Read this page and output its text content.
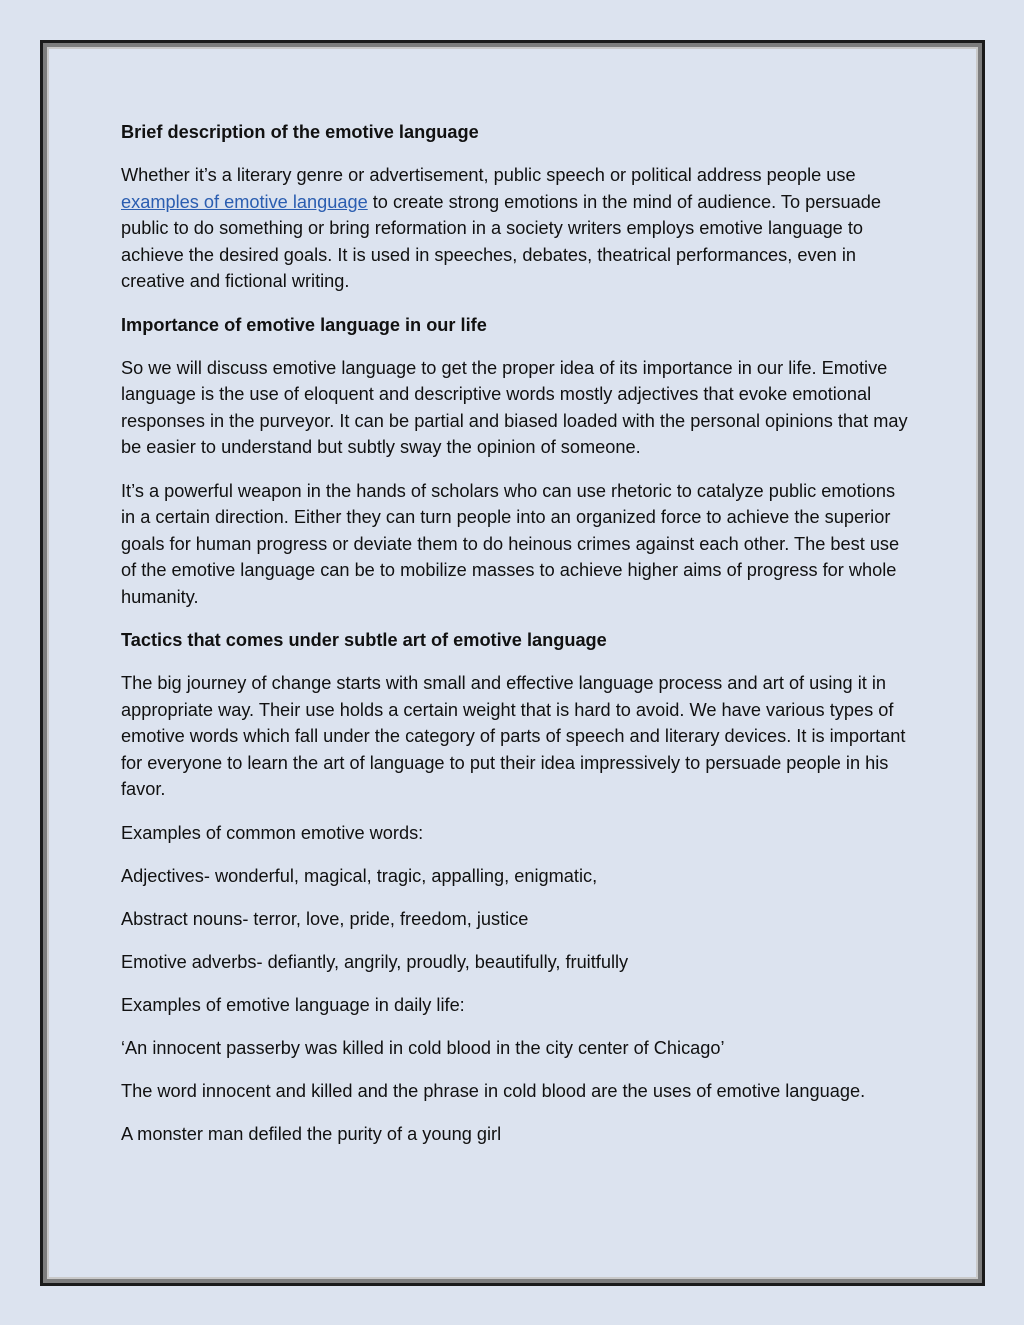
Brief description of the emotive language

Whether it’s a literary genre or advertisement, public speech or political address people use examples of emotive language to create strong emotions in the mind of audience. To persuade public to do something or bring reformation in a society writers employs emotive language to achieve the desired goals. It is used in speeches, debates, theatrical performances, even in creative and fictional writing.

Importance of emotive language in our life

So we will discuss emotive language to get the proper idea of its importance in our life. Emotive language is the use of eloquent and descriptive words mostly adjectives that evoke emotional responses in the purveyor. It can be partial and biased loaded with the personal opinions that may be easier to understand but subtly sway the opinion of someone.

It’s a powerful weapon in the hands of scholars who can use rhetoric to catalyze public emotions in a certain direction. Either they can turn people into an organized force to achieve the superior goals for human progress or deviate them to do heinous crimes against each other. The best use of the emotive language can be to mobilize masses to achieve higher aims of progress for whole humanity.

Tactics that comes under subtle art of emotive language

The big journey of change starts with small and effective language process and art of using it in appropriate way. Their use holds a certain weight that is hard to avoid. We have various types of emotive words which fall under the category of parts of speech and literary devices. It is important for everyone to learn the art of language to put their idea impressively to persuade people in his favor.

Examples of common emotive words:

Adjectives- wonderful, magical, tragic, appalling, enigmatic,

Abstract nouns- terror, love, pride, freedom, justice

Emotive adverbs- defiantly, angrily, proudly, beautifully, fruitfully

Examples of emotive language in daily life:

‘An innocent passerby was killed in cold blood in the city center of Chicago’

The word innocent and killed and the phrase in cold blood are the uses of emotive language.

A monster man defiled the purity of a young girl
